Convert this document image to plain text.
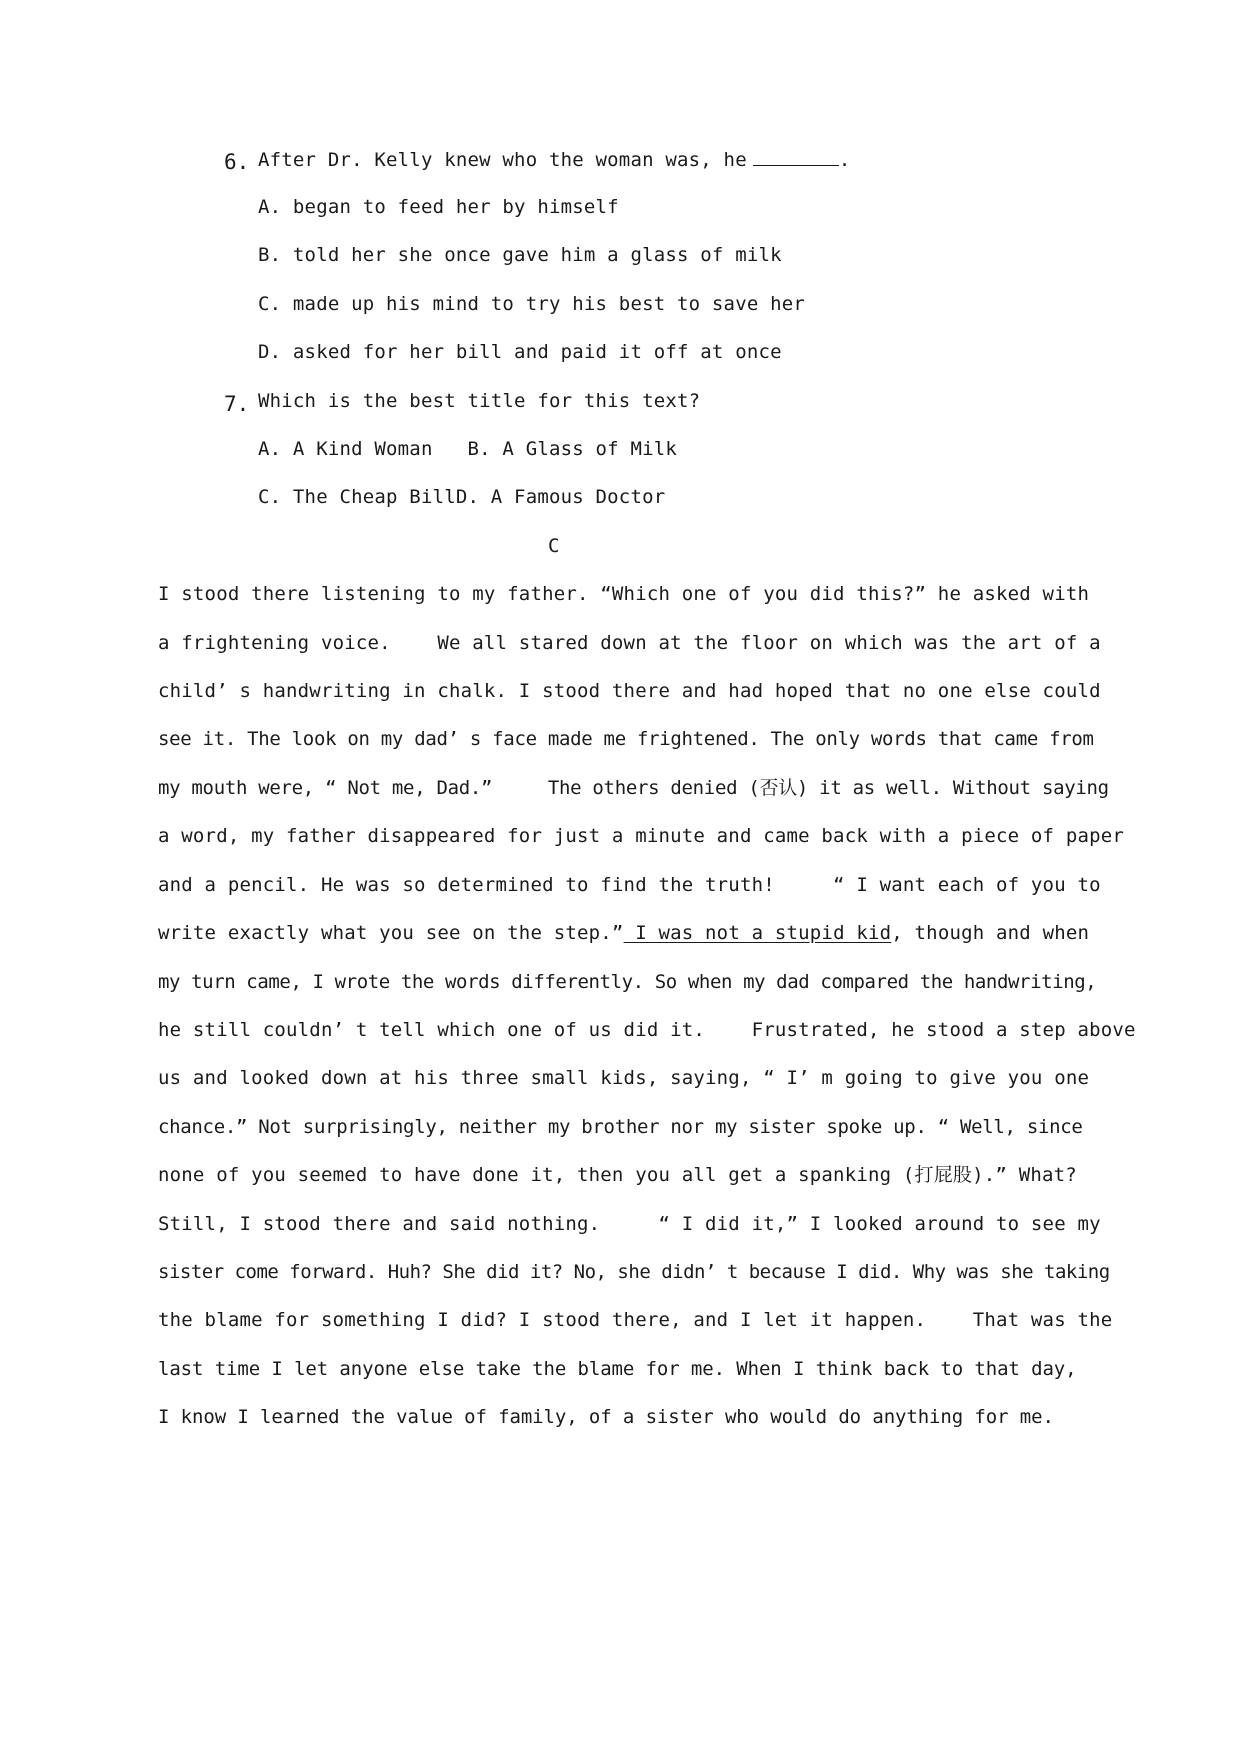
6. After Dr. Kelly knew who the woman was, he	.
A. began to feed her by himself
B. told her she once gave him a glass of milk
C. made up his mind to try his best to save her
D. asked for her bill and paid it off at once
7. Which is the best title for this text?
A. A Kind Woman   B. A Glass of Milk
C. The Cheap BillD. A Famous Doctor
C
I stood there listening to my father. “Which one of you did this?” he asked with
a frightening voice.    We all stared down at the floor on which was the art of a
child’ s handwriting in chalk. I stood there and had hoped that no one else could
see it. The look on my dad’ s face made me frightened. The only words that came from
my mouth were, “ Not me, Dad.”     The others denied (否认) it as well. Without saying
a word, my father disappeared for just a minute and came back with a piece of paper
and a pencil. He was so determined to find the truth!     “ I want each of you to
write exactly what you see on the step.” I was not a stupid kid, though and when
my turn came, I wrote the words differently. So when my dad compared the handwriting,
he still couldn’ t tell which one of us did it.    Frustrated, he stood a step above
us and looked down at his three small kids, saying, “ I’ m going to give you one
chance.” Not surprisingly, neither my brother nor my sister spoke up. “ Well, since
none of you seemed to have done it, then you all get a spanking (打屁股).” What?
Still, I stood there and said nothing.     “ I did it,” I looked around to see my
sister come forward. Huh? She did it? No, she didn’ t because I did. Why was she taking
the blame for something I did? I stood there, and I let it happen.    That was the
last time I let anyone else take the blame for me. When I think back to that day,
I know I learned the value of family, of a sister who would do anything for me.
